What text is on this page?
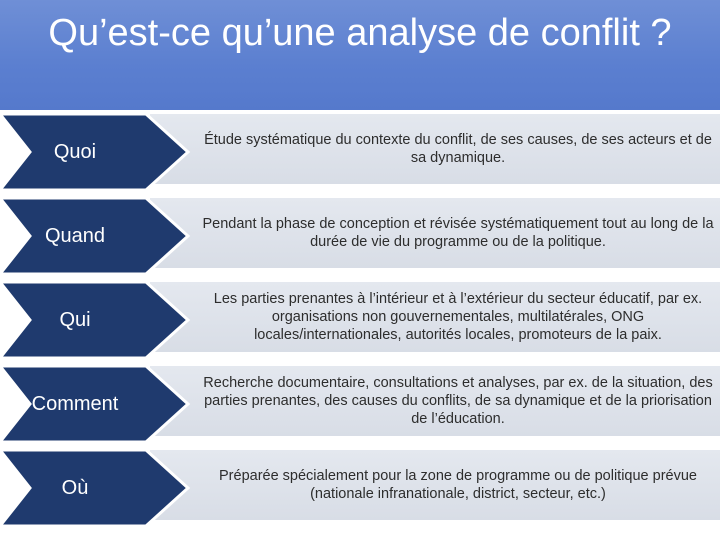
Qu’est-ce qu’une analyse de conflit ?
Étude systématique du contexte du conflit, de ses causes, de ses acteurs et de sa dynamique.
Quoi
Pendant la phase de conception et révisée systématiquement tout au long de la durée de vie du programme ou de la politique.
Quand
Les parties prenantes à l’intérieur et à l’extérieur du secteur éducatif, par ex. organisations non gouvernementales, multilatérales, ONG locales/internationales, autorités locales, promoteurs de la paix.
Qui
Recherche documentaire, consultations et analyses, par ex. de la situation, des parties prenantes, des causes du conflits, de sa dynamique et de la priorisation de l’éducation.
Comment
Préparée spécialement pour la zone de programme ou de politique prévue (nationale infranationale, district, secteur, etc.)
Où
